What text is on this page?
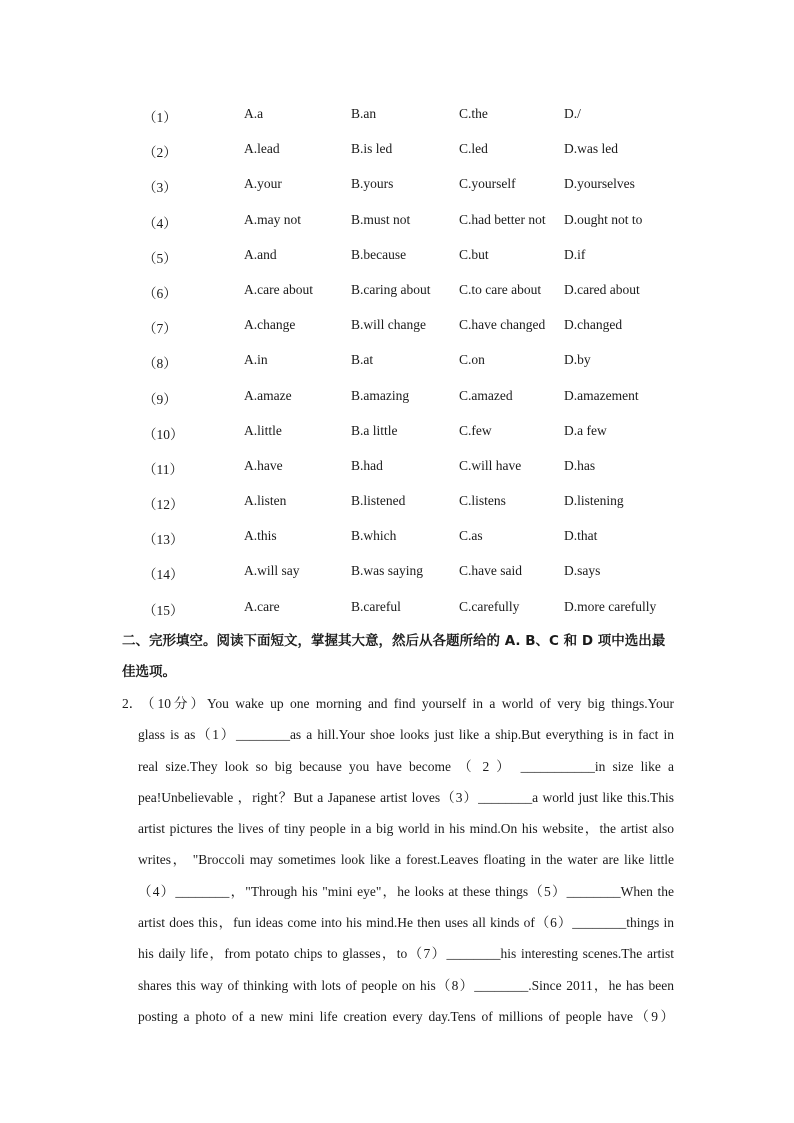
（1）	A.a	B.an	C.the	D./
（2）	A.lead	B.is led	C.led	D.was led
（3）	A.your	B.yours	C.yourself	D.yourselves
（4）	A.may not	B.must not	C.had better not D.ought not to
（5）	A.and	B.because	C.but	D.if
（6）	A.care about	B.caring about C.to care about D.cared about
（7）	A.change	B.will change C.have changed D.changed
（8）	A.in	B.at	C.on	D.by
（9）	A.amaze	B.amazing	C.amazed	D.amazement
（10）	A.little	B.a little	C.few	D.a few
（11）	A.have	B.had	C.will have	D.has
（12）	A.listen	B.listened	C.listens	D.listening
（13）	A.this	B.which	C.as	D.that
（14）	A.will say	B.was saying	C.have said	D.says
（15）	A.care	B.careful	C.carefully	D.more carefully
二、完形填空。阅读下面短文，掌握其大意，然后从各题所给的 A. B、C 和 D 项中选出最
佳选项。
2．（10分）You wake up one morning and find yourself in a world of very big things.Your
glass is as（1）________as a hill.Your shoe looks just like a ship.But everything is in fact in
real size.They look so big because you have become （ 2 ） ___________in size like a
pea!Unbelievable ，right？But a Japanese artist loves（3）________a world just like this.This
artist pictures the lives of tiny people in a big world in his mind.On his website，the artist also
writes， "Broccoli may sometimes look like a forest.Leaves floating in the water are like little
（4）________，"Through his "mini eye"，he looks at these things（5）________When the
artist does this，fun ideas come into his mind.He then uses all kinds of（6）________things in
his daily life，from potato chips to glasses，to（7）________his interesting scenes.The artist
shares this way of thinking with lots of people on his（8）________.Since 2011，he has been
posting a photo of a new mini life creation every day.Tens of millions of people have（9）
